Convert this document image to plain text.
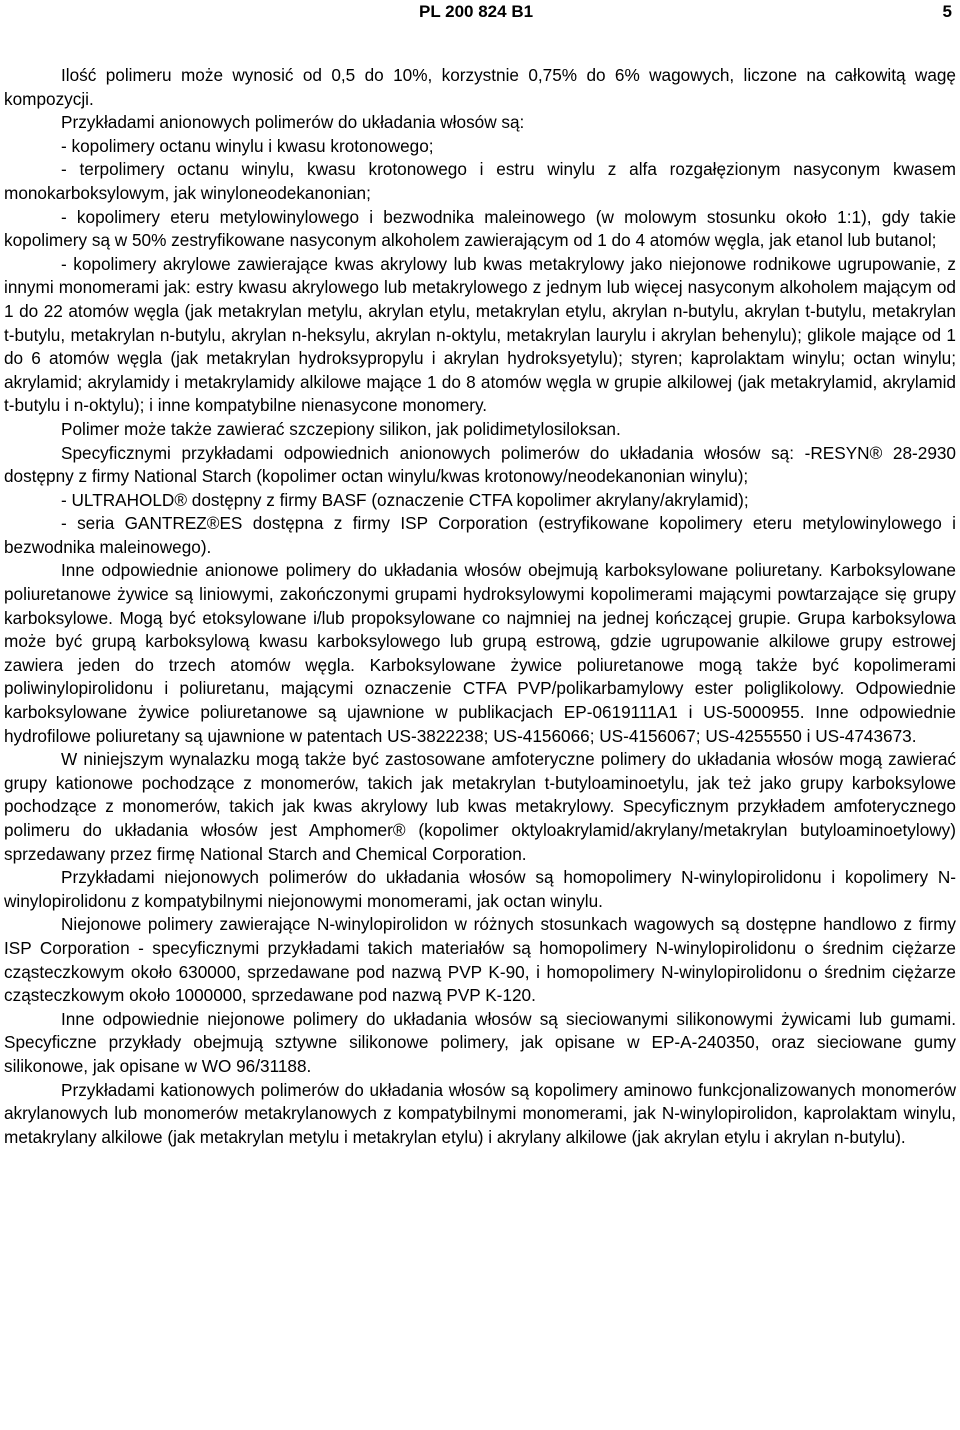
PL 200 824 B1	5

Ilość polimeru może wynosić od 0,5 do 10%, korzystnie 0,75% do 6% wagowych, liczone na całkowitą wagę kompozycji.

Przykładami anionowych polimerów do układania włosów są:

- kopolimery octanu winylu i kwasu krotonowego;

- terpolimery octanu winylu, kwasu krotonowego i estru winylu z alfa rozgałęzionym nasyconym kwasem monokarboksylowym, jak winyloneodekanonian;

- kopolimery eteru metylowinylowego i bezwodnika maleinowego (w molowym stosunku około 1:1), gdy takie kopolimery są w 50% zestryfikowane nasyconym alkoholem zawierającym od 1 do 4 atomów węgla, jak etanol lub butanol;

- kopolimery akrylowe zawierające kwas akrylowy lub kwas metakrylowy jako niejonowe rodnikowe ugrupowanie, z innymi monomerami jak: estry kwasu akrylowego lub metakrylowego z jednym lub więcej nasyconym alkoholem mającym od 1 do 22 atomów węgla (jak metakrylan metylu, akrylan etylu, metakrylan etylu, akrylan n-butylu, akrylan t-butylu, metakrylan t-butylu, metakrylan n-butylu, akrylan n-heksylu, akrylan n-oktylu, metakrylan laurylu i akrylan behenylu); glikole mające od 1 do 6 atomów węgla (jak metakrylan hydroksypropylu i akrylan hydroksyetylu); styren; kaprolaktam winylu; octan winylu; akrylamid; akrylamidy i metakrylamidy alkilowe mające 1 do 8 atomów węgla w grupie alkilowej (jak metakrylamid, akrylamid t-butylu i n-oktylu); i inne kompatybilne nienasycone monomery.

Polimer może także zawierać szczepiony silikon, jak polidimetylosiloksan.

Specyficznymi przykładami odpowiednich anionowych polimerów do układania włosów są: -RESYN® 28-2930 dostępny z firmy National Starch (kopolimer octan winylu/kwas krotonowy/neodekanonian winylu);

- ULTRAHOLD® dostępny z firmy BASF (oznaczenie CTFA kopolimer akrylany/akrylamid);

- seria GANTREZ®ES dostępna z firmy ISP Corporation (estryfikowane kopolimery eteru metylowinylowego i bezwodnika maleinowego).

Inne odpowiednie anionowe polimery do układania włosów obejmują karboksylowane poliuretany. Karboksylowane poliuretanowe żywice są liniowymi, zakończonymi grupami hydroksylowymi kopolimerami mającymi powtarzające się grupy karboksylowe. Mogą być etoksylowane i/lub propoksylowane co najmniej na jednej kończącej grupie. Grupa karboksylowa może być grupą karboksylową kwasu karboksylowego lub grupą estrową, gdzie ugrupowanie alkilowe grupy estrowej zawiera jeden do trzech atomów węgla. Karboksylowane żywice poliuretanowe mogą także być kopolimerami poliwinylopirolidonu i poliuretanu, mającymi oznaczenie CTFA PVP/polikarbamylowy ester poliglikolowy. Odpowiednie karboksylowane żywice poliuretanowe są ujawnione w publikacjach EP-0619111A1 i US-5000955. Inne odpowiednie hydrofilowe poliuretany są ujawnione w patentach US-3822238; US-4156066; US-4156067; US-4255550 i US-4743673.

W niniejszym wynalazku mogą także być zastosowane amfoteryczne polimery do układania włosów mogą zawierać grupy kationowe pochodzące z monomerów, takich jak metakrylan t-butyloaminoetylu, jak też jako grupy karboksylowe pochodzące z monomerów, takich jak kwas akrylowy lub kwas metakrylowy. Specyficznym przykładem amfoterycznego polimeru do układania włosów jest Amphomer® (kopolimer oktyloakrylamid/akrylany/metakrylan butyloaminoetylowy) sprzedawany przez firmę National Starch and Chemical Corporation.

Przykładami niejonowych polimerów do układania włosów są homopolimery N-winylopirolidonu i kopolimery N-winylopirolidonu z kompatybilnymi niejonowymi monomerami, jak octan winylu.

Niejonowe polimery zawierające N-winylopirolidon w różnych stosunkach wagowych są dostępne handlowo z firmy ISP Corporation - specyficznymi przykładami takich materiałów są homopolimery N-winylopirolidonu o średnim ciężarze cząsteczkowym około 630000, sprzedawane pod nazwą PVP K-90, i homopolimery N-winylopirolidonu o średnim ciężarze cząsteczkowym około 1000000, sprzedawane pod nazwą PVP K-120.

Inne odpowiednie niejonowe polimery do układania włosów są sieciowanymi silikonowymi żywicami lub gumami. Specyficzne przykłady obejmują sztywne silikonowe polimery, jak opisane w EP-A-240350, oraz sieciowane gumy silikonowe, jak opisane w WO 96/31188.

Przykładami kationowych polimerów do układania włosów są kopolimery aminowo funkcjonalizowanych monomerów akrylanowych lub monomerów metakrylanowych z kompatybilnymi monomerami, jak N-winylopirolidon, kaprolaktam winylu, metakrylany alkilowe (jak metakrylan metylu i metakrylan etylu) i akrylany alkilowe (jak akrylan etylu i akrylan n-butylu).
